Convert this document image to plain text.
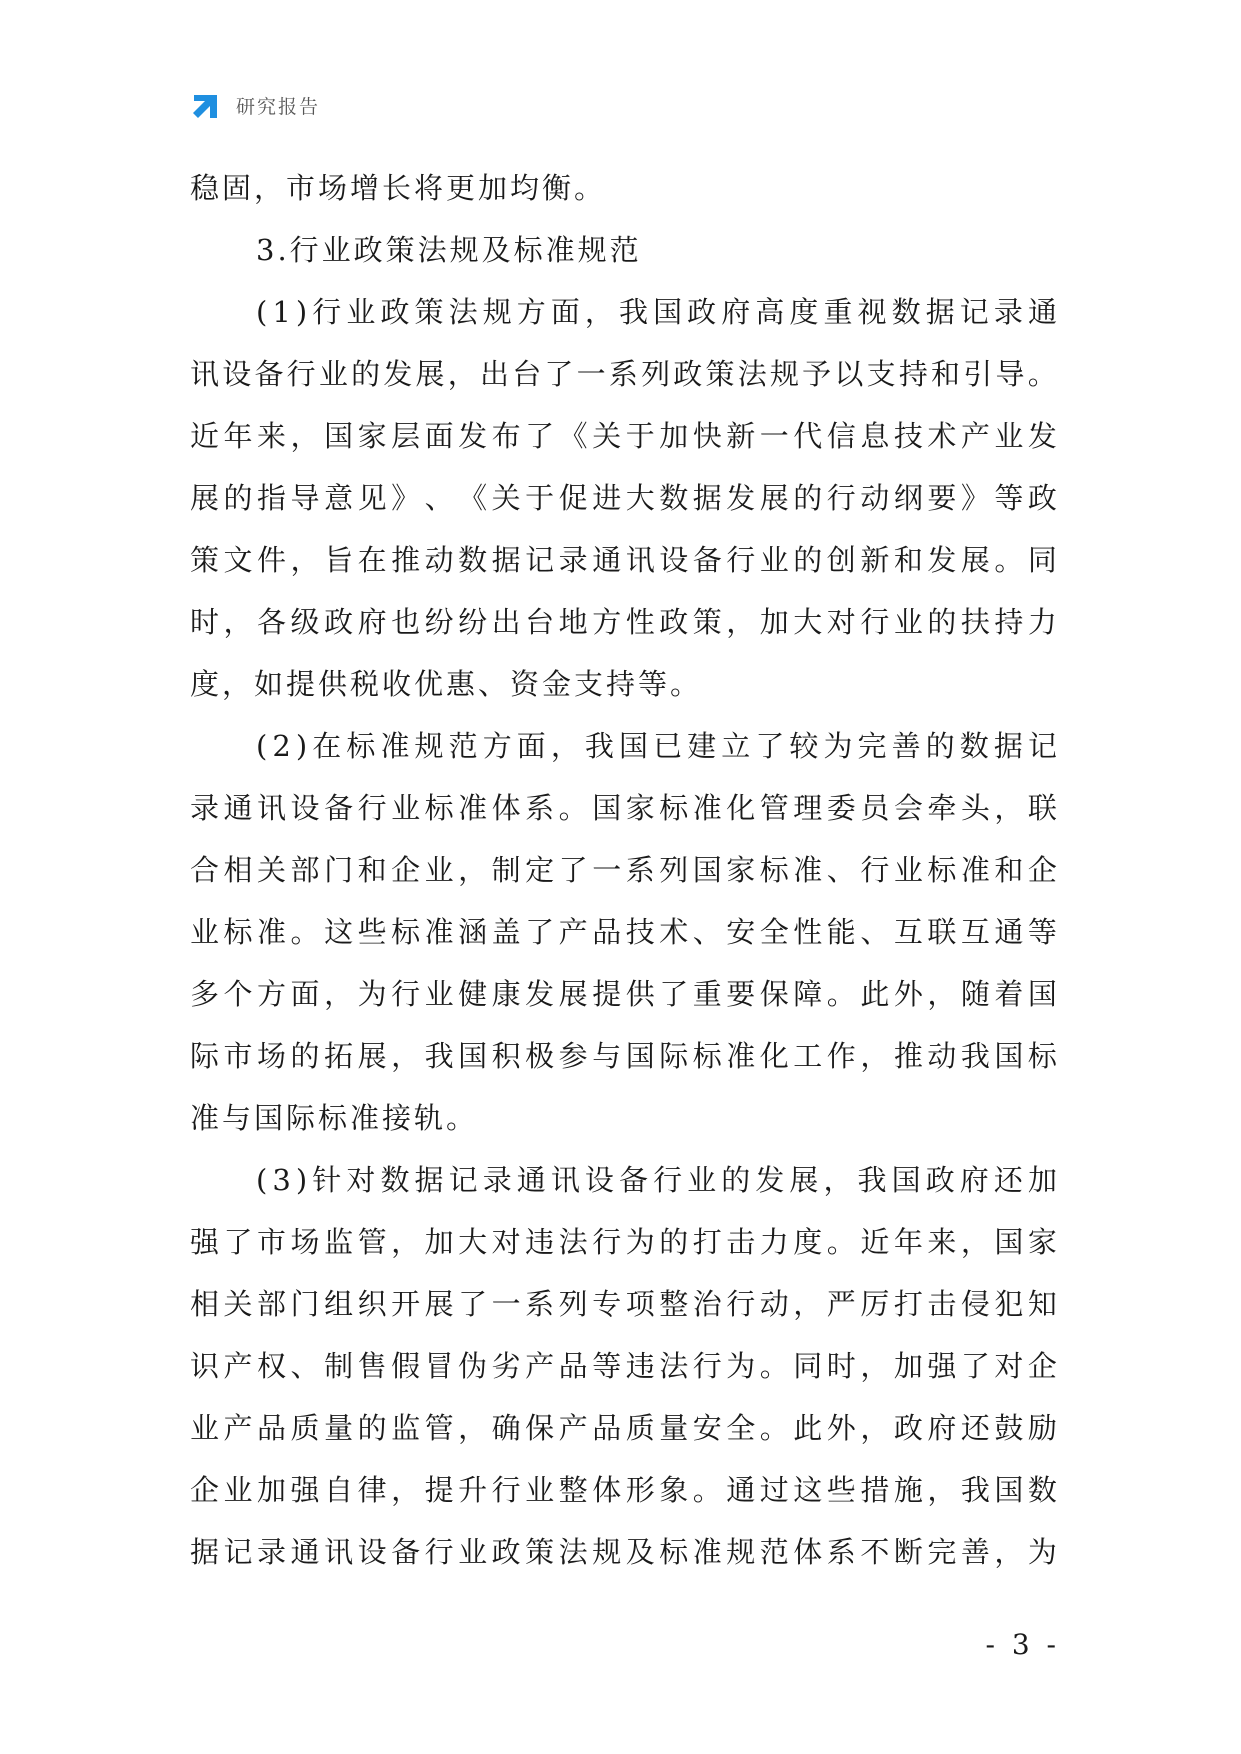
研究报告
稳固，市场增长将更加均衡。
3.行业政策法规及标准规范
( 1 ) 行 业 政 策 法 规 方 面 ， 我 国 政 府 高 度 重 视 数 据 记 录 通
讯 设 备 行 业 的 发 展 ， 出 台 了 一 系 列 政 策 法 规 予 以 支 持 和 引 导 。
近 年 来 ， 国 家 层 面 发 布 了 《 关 于 加 快 新 一 代 信 息 技 术 产 业 发
展 的 指 导 意 见 》 、 《 关 于 促 进 大 数 据 发 展 的 行 动 纲 要 》 等 政
策 文 件 ， 旨 在 推 动 数 据 记 录 通 讯 设 备 行 业 的 创 新 和 发 展 。 同
时 ， 各 级 政 府 也 纷 纷 出 台 地 方 性 政 策 ， 加 大 对 行 业 的 扶 持 力
度，如提供税收优惠、资金支持等。
( 2 ) 在 标 准 规 范 方 面 ， 我 国 已 建 立 了 较 为 完 善 的 数 据 记
录 通 讯 设 备 行 业 标 准 体 系 。 国 家 标 准 化 管 理 委 员 会 牵 头 ， 联
合 相 关 部 门 和 企 业 ， 制 定 了 一 系 列 国 家 标 准 、 行 业 标 准 和 企
业 标 准 。 这 些 标 准 涵 盖 了 产 品 技 术 、 安 全 性 能 、 互 联 互 通 等
多 个 方 面 ， 为 行 业 健 康 发 展 提 供 了 重 要 保 障 。 此 外 ， 随 着 国
际 市 场 的 拓 展 ， 我 国 积 极 参 与 国 际 标 准 化 工 作 ， 推 动 我 国 标
准与国际标准接轨。
( 3 ) 针 对 数 据 记 录 通 讯 设 备 行 业 的 发 展 ， 我 国 政 府 还 加
强 了 市 场 监 管 ， 加 大 对 违 法 行 为 的 打 击 力 度 。 近 年 来 ， 国 家
相 关 部 门 组 织 开 展 了 一 系 列 专 项 整 治 行 动 ， 严 厉 打 击 侵 犯 知
识 产 权 、 制 售 假 冒 伪 劣 产 品 等 违 法 行 为 。 同 时 ， 加 强 了 对 企
业 产 品 质 量 的 监 管 ， 确 保 产 品 质 量 安 全 。 此 外 ， 政 府 还 鼓 励
企 业 加 强 自 律 ， 提 升 行 业 整 体 形 象 。 通 过 这 些 措 施 ， 我 国 数
据 记 录 通 讯 设 备 行 业 政 策 法 规 及 标 准 规 范 体 系 不 断 完 善 ， 为
- 3 -
